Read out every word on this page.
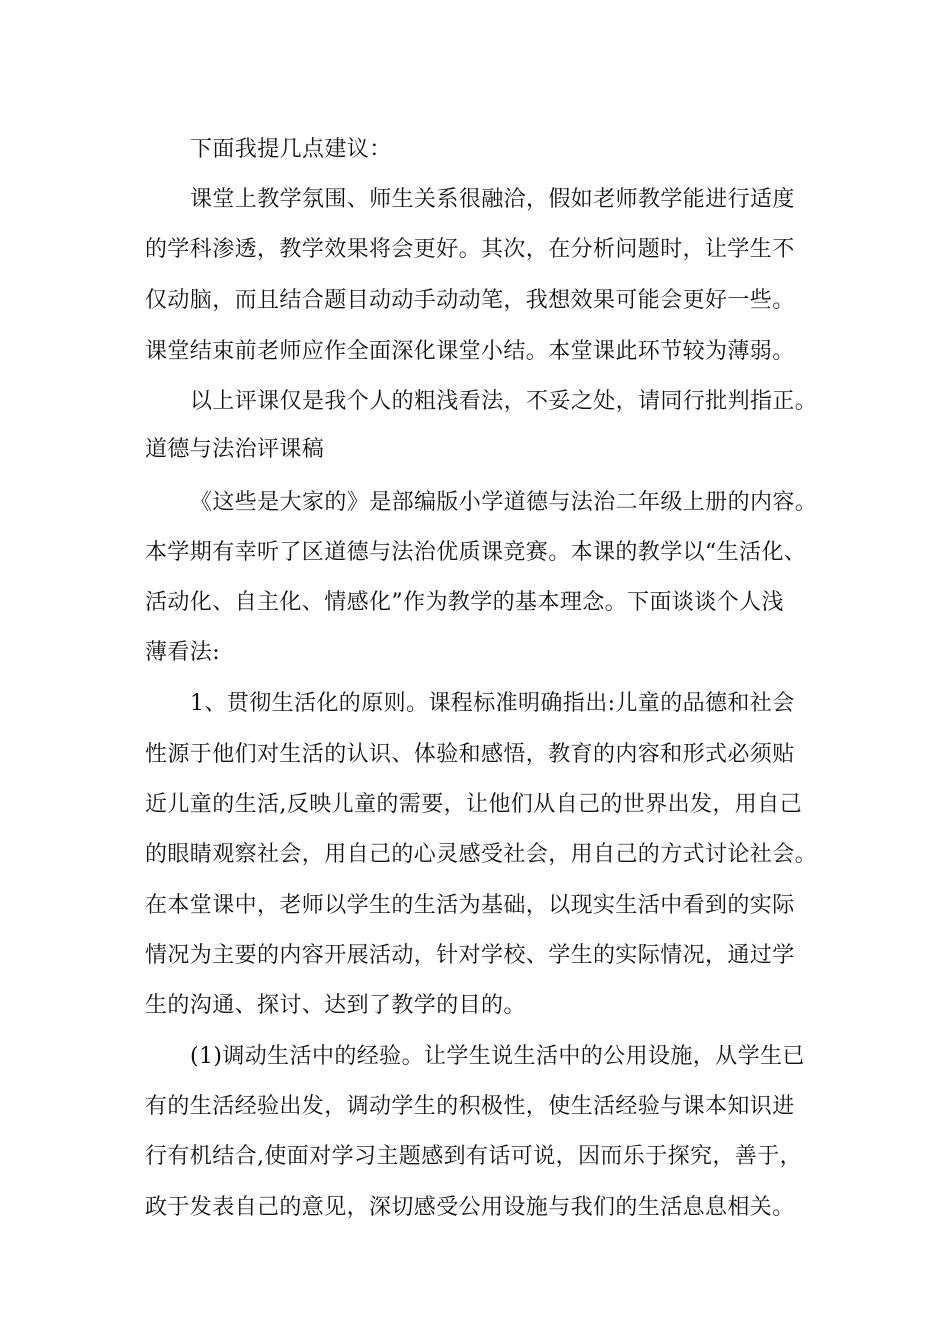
下面我提几点建议：
课堂上教学氛围、师生关系很融洽，假如老师教学能进行适度
的学科渗透，教学效果将会更好。其次，在分析问题时，让学生不
仅动脑，而且结合题目动动手动动笔，我想效果可能会更好一些。
课堂结束前老师应作全面深化课堂小结。本堂课此环节较为薄弱。
以上评课仅是我个人的粗浅看法，不妥之处，请同行批判指正。
道德与法治评课稿
《这些是大家的》是部编版小学道德与法治二年级上册的内容。
本学期有幸听了区道德与法治优质课竞赛。本课的教学以“生活化、
活动化、自主化、情感化”作为教学的基本理念。下面谈谈个人浅
薄看法:
1、贯彻生活化的原则。课程标准明确指出:儿童的品德和社会
性源于他们对生活的认识、体验和感悟，教育的内容和形式必须贴
近儿童的生活,反映儿童的需要，让他们从自己的世界出发，用自己
的眼睛观察社会，用自己的心灵感受社会，用自己的方式讨论社会。
在本堂课中，老师以学生的生活为基础，以现实生活中看到的实际
情况为主要的内容开展活动，针对学校、学生的实际情况，通过学
生的沟通、探讨、达到了教学的目的。
(1)调动生活中的经验。让学生说生活中的公用设施，从学生已
有的生活经验出发，调动学生的积极性，使生活经验与课本知识进
行有机结合,使面对学习主题感到有话可说，因而乐于探究，善于，
政于发表自己的意见，深切感受公用设施与我们的生活息息相关。
